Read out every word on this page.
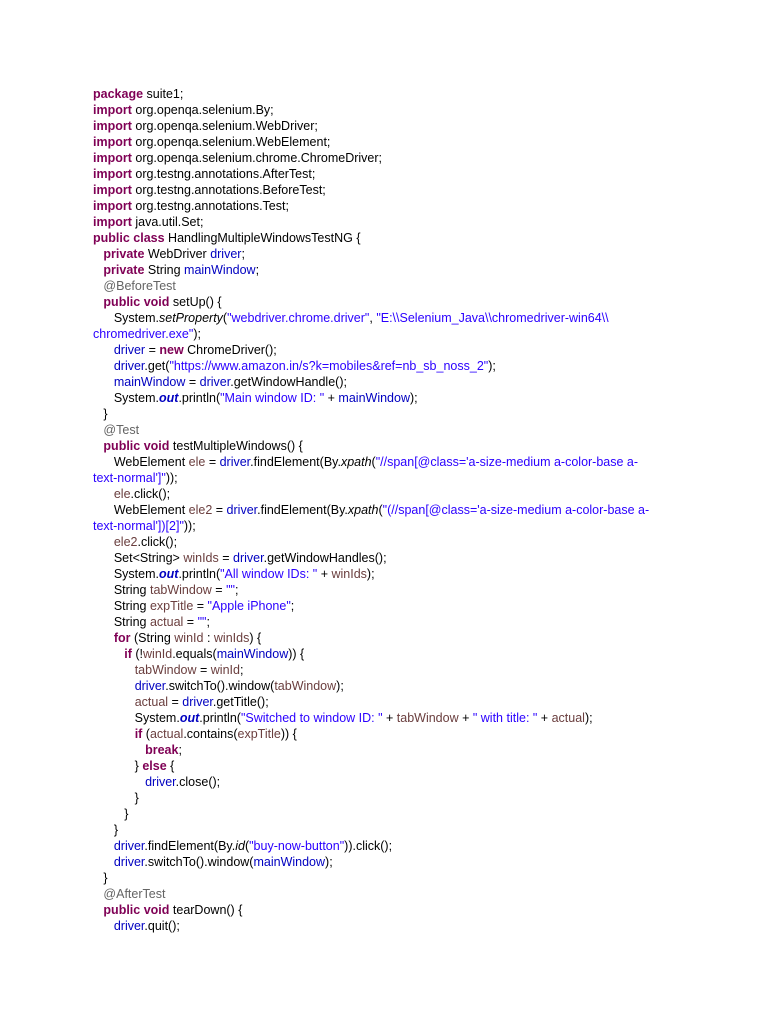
package suite1;
import org.openqa.selenium.By;
import org.openqa.selenium.WebDriver;
import org.openqa.selenium.WebElement;
import org.openqa.selenium.chrome.ChromeDriver;
import org.testng.annotations.AfterTest;
import org.testng.annotations.BeforeTest;
import org.testng.annotations.Test;
import java.util.Set;
public class HandlingMultipleWindowsTestNG {
private WebDriver driver;
private String mainWindow;
@BeforeTest
public void setUp() {
System.setProperty("webdriver.chrome.driver", "E:\\Selenium_Java\\chromedriver-win64\\
chromedriver.exe");
driver = new ChromeDriver();
driver.get("https://www.amazon.in/s?k=mobiles&ref=nb_sb_noss_2");
mainWindow = driver.getWindowHandle();
System.out.println("Main window ID: " + mainWindow);
}
@Test
public void testMultipleWindows() {
WebElement ele = driver.findElement(By.xpath("//span[@class='a-size-medium a-color-base a-
text-normal']"));
ele.click();
WebElement ele2 = driver.findElement(By.xpath("(//span[@class='a-size-medium a-color-base a-
text-normal'])[2]"));
ele2.click();
Set<String> winIds = driver.getWindowHandles();
System.out.println("All window IDs: " + winIds);
String tabWindow = "";
String expTitle = "Apple iPhone";
String actual = "";
for (String winId : winIds) {
if (!winId.equals(mainWindow)) {
tabWindow = winId;
driver.switchTo().window(tabWindow);
actual = driver.getTitle();
System.out.println("Switched to window ID: " + tabWindow + " with title: " + actual);
if (actual.contains(expTitle)) {
break;
} else {
driver.close();
}
}
}
driver.findElement(By.id("buy-now-button")).click();
driver.switchTo().window(mainWindow);
}
@AfterTest
public void tearDown() {
driver.quit();
